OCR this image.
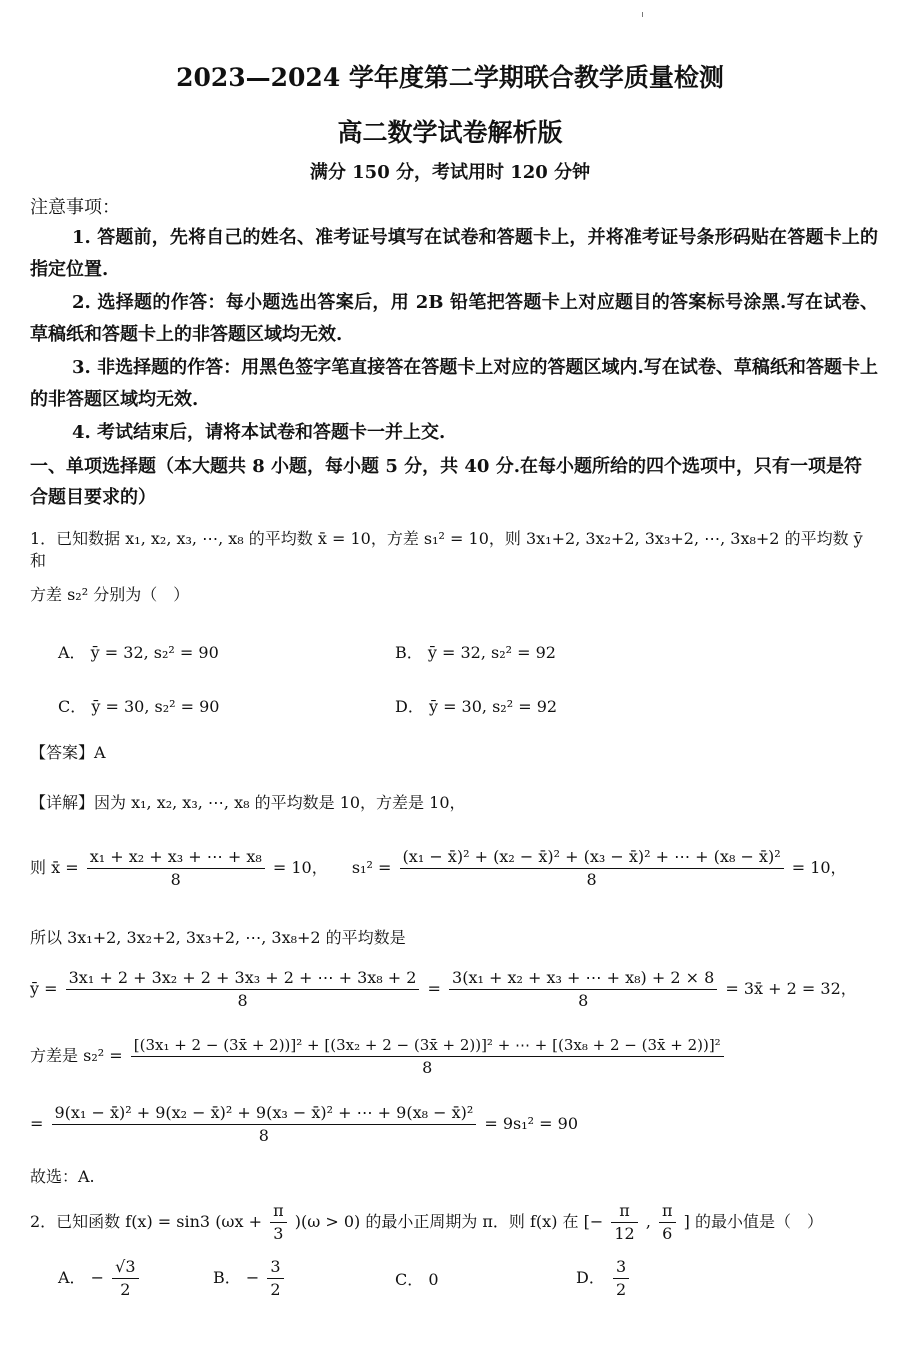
2023—2024 学年度第二学期联合教学质量检测
高二数学试卷解析版
满分 150 分，考试用时 120 分钟
注意事项：
1. 答题前，先将自己的姓名、准考证号填写在试卷和答题卡上，并将准考证号条形码贴在答题卡上的指定位置.
2. 选择题的作答：每小题选出答案后，用 2B 铅笔把答题卡上对应题目的答案标号涂黑.写在试卷、草稿纸和答题卡上的非答题区域均无效.
3. 非选择题的作答：用黑色签字笔直接答在答题卡上对应的答题区域内.写在试卷、草稿纸和答题卡上的非答题区域均无效.
4. 考试结束后，请将本试卷和答题卡一并上交.
一、单项选择题（本大题共 8 小题，每小题 5 分，共 40 分.在每小题所给的四个选项中，只有一项是符合题目要求的）
1．已知数据 x₁, x₂, x₃, ⋯, x₈ 的平均数 x̄ = 10，方差 s₁² = 10，则 3x₁+2, 3x₂+2, 3x₃+2, ⋯, 3x₈+2 的平均数 ȳ 和
方差 s₂² 分别为（　）
A． ȳ = 32, s₂² = 90	B． ȳ = 32, s₂² = 92
C． ȳ = 30, s₂² = 90	D． ȳ = 30, s₂² = 92
【答案】A
【详解】因为 x₁, x₂, x₃, ⋯, x₈ 的平均数是 10，方差是 10，
则 x̄ = $\frac{\text{x₁ + x₂ + x₃ + ⋯ + x₈}}{8} = 10$， $s_1^2 = \frac{\text{(x₁ − x̄)² + (x₂ − x̄)² + (x₃ − x̄)² + ⋯ + (x₈ − x̄)²}}{8} = 10$，
所以 3x₁+2, 3x₂+2, 3x₃+2, ⋯, 3x₈+2 的平均数是
ȳ = $\frac{\text{3x₁ + 2 + 3x₂ + 2 + 3x₃ + 2 + ⋯ + 3x₈ + 2}}{8} = \frac{\text{3(x₁ + x₂ + x₃ + ⋯ + x₈) + 2 × 8}}{8}$ = 3x̄ + 2 = 32，
方差是 s₂² =
[(3x₁ + 2 − (3x̄ + 2))]² + [(3x₂ + 2 − (3x̄ + 2))]² + ⋯ + [(3x₈ + 2 − (3x̄ + 2))]²
8
= $\frac{\text{9(x₁ − x̄)² + 9(x₂ − x̄)² + 9(x₃ − x̄)² + ⋯ + 9(x₈ − x̄)²}}{8} = 9s_1^2 = 90$
故选：A.
2．已知函数 f(x) = sin3 $(\omega x + \frac{\pi}{3} )(\omega > 0)$ 的最小正周期为 π．则 f(x) 在 [− $\frac{\pi}{12}$ , $\frac{\pi}{6}$ ] 的最小值是（　）
A． − $\frac{√3}{2}$	B． − $\frac{3}{2}$	C． 0	D． $\frac{3}{2}$
